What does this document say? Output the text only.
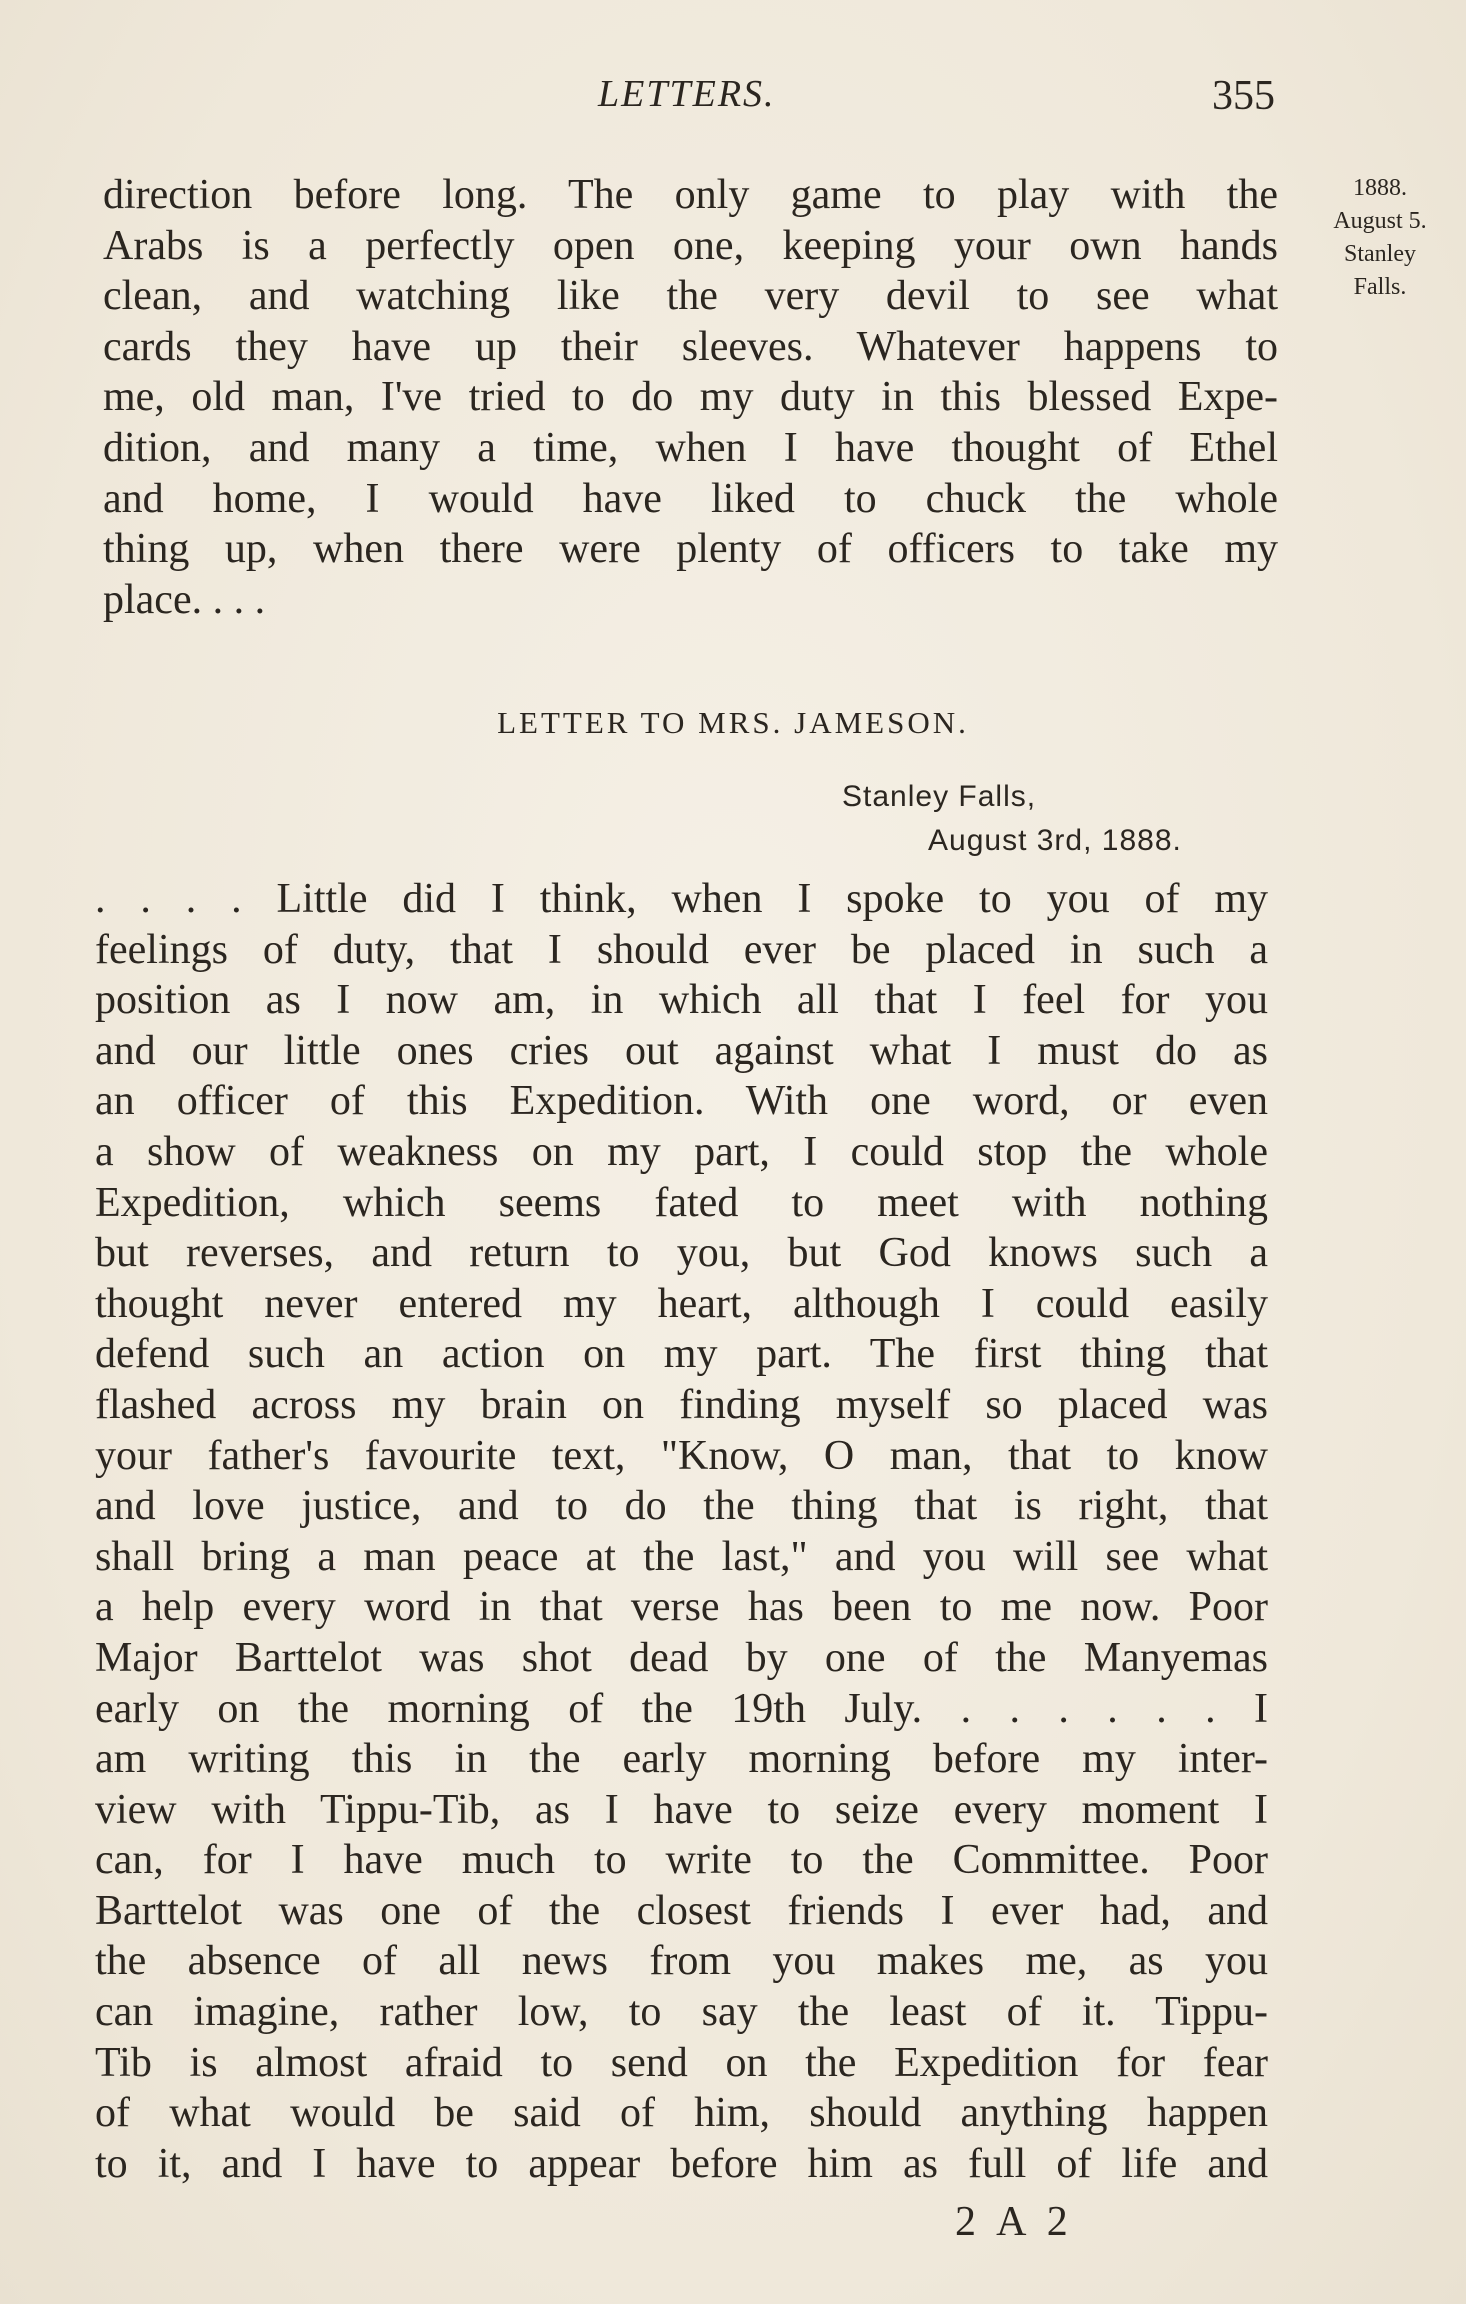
LETTERS.	355
1888.
August 5.
Stanley
Falls.
direction before long. The only game to play with the
Arabs is a perfectly open one, keeping your own hands
clean, and watching like the very devil to see what
cards they have up their sleeves. Whatever happens to
me, old man, I've tried to do my duty in this blessed Expe-
dition, and many a time, when I have thought of Ethel
and home, I would have liked to chuck the whole
thing up, when there were plenty of officers to take my
place. . . .
LETTER TO MRS. JAMESON.
Stanley Falls,
August 3rd, 1888.
. . . . Little did I think, when I spoke to you of my
feelings of duty, that I should ever be placed in such a
position as I now am, in which all that I feel for you
and our little ones cries out against what I must do as
an officer of this Expedition. With one word, or even
a show of weakness on my part, I could stop the whole
Expedition, which seems fated to meet with nothing
but reverses, and return to you, but God knows such a
thought never entered my heart, although I could easily
defend such an action on my part. The first thing that
flashed across my brain on finding myself so placed was
your father's favourite text, "Know, O man, that to know
and love justice, and to do the thing that is right, that
shall bring a man peace at the last," and you will see what
a help every word in that verse has been to me now. Poor
Major Barttelot was shot dead by one of the Manyemas
early on the morning of the 19th July. . . . . . . I
am writing this in the early morning before my inter-
view with Tippu-Tib, as I have to seize every moment I
can, for I have much to write to the Committee. Poor
Barttelot was one of the closest friends I ever had, and
the absence of all news from you makes me, as you
can imagine, rather low, to say the least of it. Tippu-
Tib is almost afraid to send on the Expedition for fear
of what would be said of him, should anything happen
to it, and I have to appear before him as full of life and
2 A 2
